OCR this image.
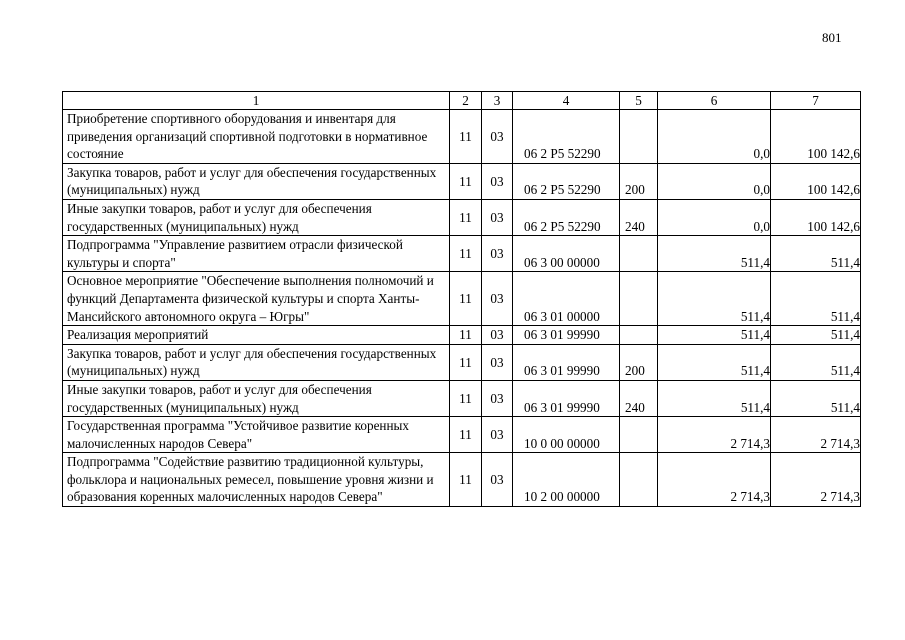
801
1	2	3	4	5	6	7
Приобретение спортивного оборудования и инвентаря для приведения организаций спортивной подготовки в нормативное состояние	11	03	06 2 P5 52290		0,0	100 142,6
Закупка товаров, работ и услуг для обеспечения государственных (муниципальных) нужд	11	03	06 2 P5 52290	200	0,0	100 142,6
Иные закупки товаров, работ и услуг для обеспечения государственных (муниципальных) нужд	11	03	06 2 P5 52290	240	0,0	100 142,6
Подпрограмма "Управление развитием отрасли физической культуры и спорта"	11	03	06 3 00 00000		511,4	511,4
Основное мероприятие "Обеспечение выполнения полномочий и функций Департамента физической культуры и спорта Ханты-Мансийского автономного округа – Югры"	11	03	06 3 01 00000		511,4	511,4
Реализация мероприятий	11	03	06 3 01 99990		511,4	511,4
Закупка товаров, работ и услуг для обеспечения государственных (муниципальных) нужд	11	03	06 3 01 99990	200	511,4	511,4
Иные закупки товаров, работ и услуг для обеспечения государственных (муниципальных) нужд	11	03	06 3 01 99990	240	511,4	511,4
Государственная программа "Устойчивое развитие коренных малочисленных народов Севера"	11	03	10 0 00 00000		2 714,3	2 714,3
Подпрограмма "Содействие развитию традиционной культуры, фольклора и национальных ремесел, повышение уровня жизни и образования коренных малочисленных народов Севера"	11	03	10 2 00 00000		2 714,3	2 714,3
